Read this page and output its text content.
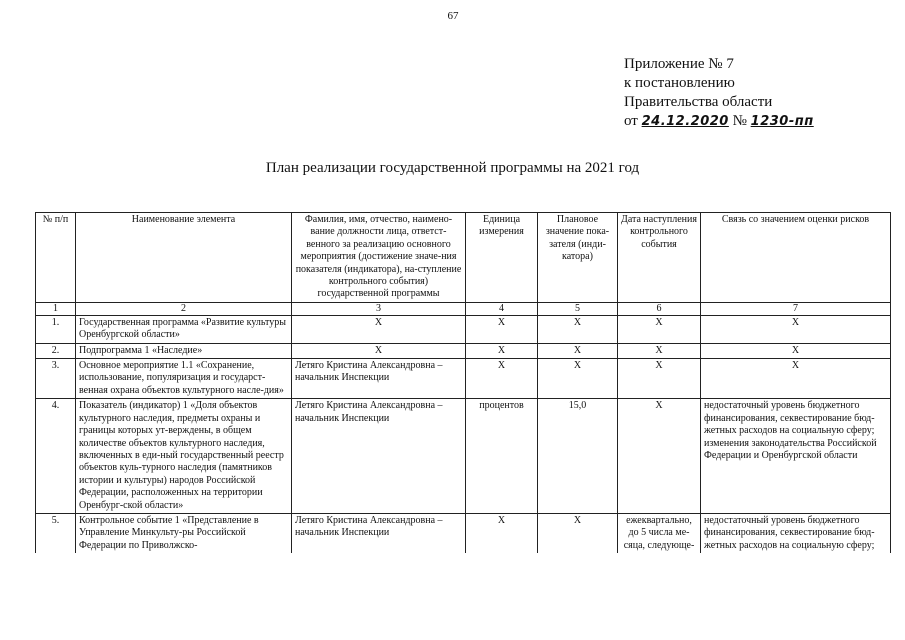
67
Приложение № 7
к постановлению
Правительства области
от 24.12.2020 № 1230-пп
План реализации государственной программы на 2021 год
№ п/п	Наименование элемента	Фамилия, имя, отчество, наимено-вание должности лица, ответст-венного за реализацию основного мероприятия (достижение значе-ния показателя (индикатора), на-ступление контрольного события) государственной программы	Единица измерения	Плановое значение пока-зателя (инди-катора)	Дата наступления контрольного события	Связь со значением оценки рисков
1	2	3	4	5	6	7
1.	Государственная программа «Развитие культуры Оренбургской области»	Х	Х	Х	Х	Х
2.	Подпрограмма 1 «Наследие»	Х	Х	Х	Х	Х
3.	Основное мероприятие 1.1 «Сохранение, использование, популяризация и государст-венная охрана объектов культурного насле-дия»	Летяго Кристина Александровна – начальник Инспекции	Х	Х	Х	Х
4.	Показатель (индикатор) 1 «Доля объектов культурного наследия, предметы охраны и границы которых ут-верждены, в общем количестве объектов культурного наследия, включенных в еди-ный государственный реестр объектов куль-турного наследия (памятников истории и культуры) народов Российской Федерации, расположенных на территории Оренбург-ской области»	Летяго Кристина Александровна – начальник Инспекции	процентов	15,0	Х	недостаточный уровень бюджетного финансирования, секвестирование бюд-жетных расходов на социальную сферу; изменения законодательства Российской Федерации и Оренбургской области
5.	Контрольное событие 1 «Представление в Управление Минкульту-ры Российской Федерации по Приволжско-	Летяго Кристина Александровна – начальник Инспекции	Х	Х	ежеквартально, до 5 числа ме-сяца, следующе-	недостаточный уровень бюджетного финансирования, секвестирование бюд-жетных расходов на социальную сферу;
